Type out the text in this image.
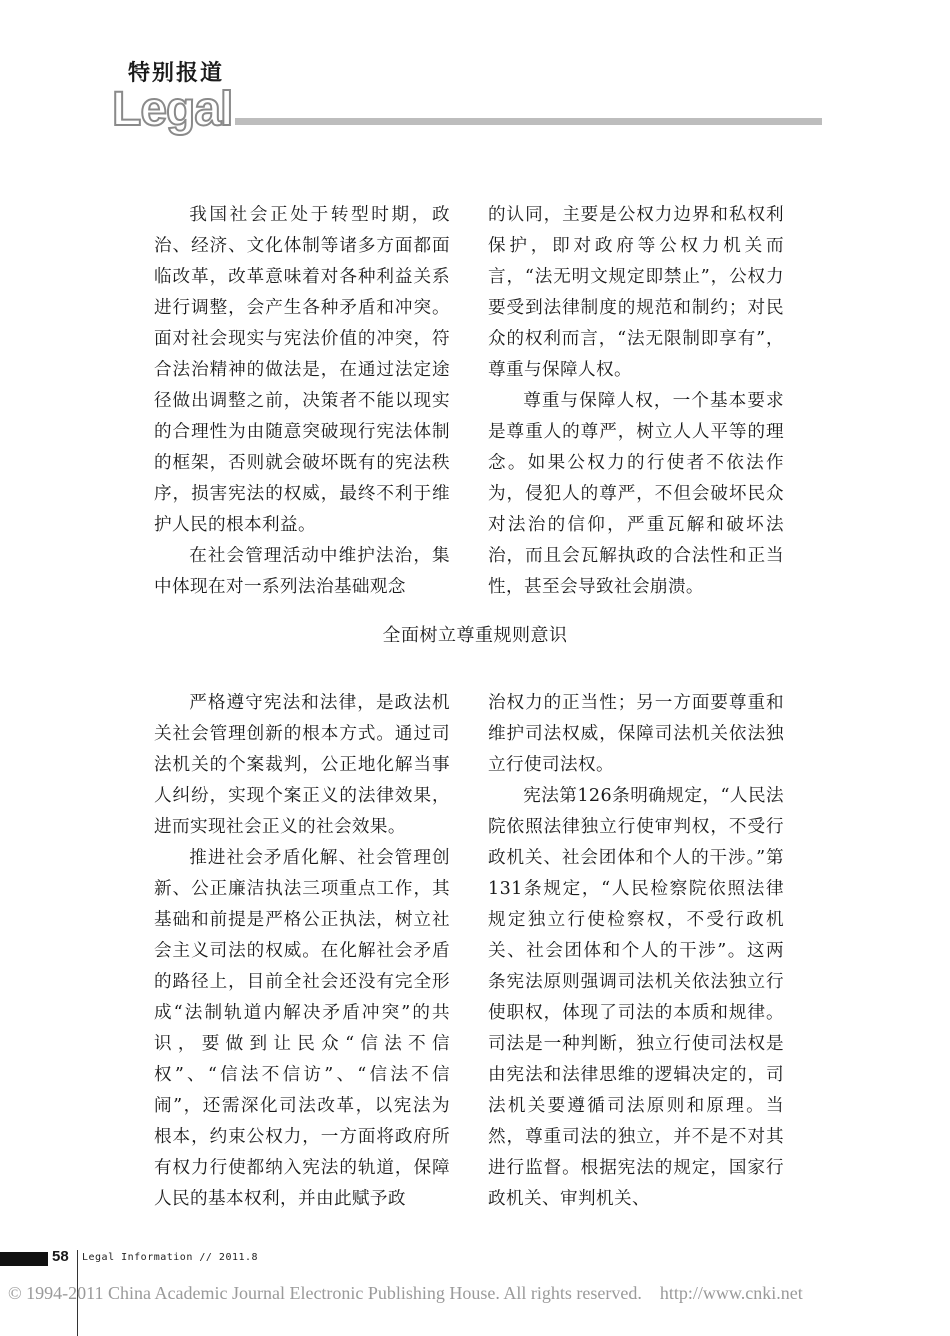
特别报道
Legal

我国社会正处于转型时期，政治、经济、文化体制等诸多方面都面临改革，改革意味着对各种利益关系进行调整，会产生各种矛盾和冲突。面对社会现实与宪法价值的冲突，符合法治精神的做法是，在通过法定途径做出调整之前，决策者不能以现实的合理性为由随意突破现行宪法体制的框架，否则就会破坏既有的宪法秩序，损害宪法的权威，最终不利于维护人民的根本利益。

在社会管理活动中维护法治，集中体现在对一系列法治基础观念

的认同，主要是公权力边界和私权利保护，即对政府等公权力机关而言，“法无明文规定即禁止”，公权力要受到法律制度的规范和制约；对民众的权利而言，“法无限制即享有”，尊重与保障人权。

尊重与保障人权，一个基本要求是尊重人的尊严，树立人人平等的理念。如果公权力的行使者不依法作为，侵犯人的尊严，不但会破坏民众对法治的信仰，严重瓦解和破坏法治，而且会瓦解执政的合法性和正当性，甚至会导致社会崩溃。

全面树立尊重规则意识

严格遵守宪法和法律，是政法机关社会管理创新的根本方式。通过司法机关的个案裁判，公正地化解当事人纠纷，实现个案正义的法律效果，进而实现社会正义的社会效果。

推进社会矛盾化解、社会管理创新、公正廉洁执法三项重点工作，其基础和前提是严格公正执法，树立社会主义司法的权威。在化解社会矛盾的路径上，目前全社会还没有完全形成“法制轨道内解决矛盾冲突”的共识，要做到让民众“信法不信权”、“信法不信访”、“信法不信闹”，还需深化司法改革，以宪法为根本，约束公权力，一方面将政府所有权力行使都纳入宪法的轨道，保障人民的基本权利，并由此赋予政

治权力的正当性；另一方面要尊重和维护司法权威，保障司法机关依法独立行使司法权。

宪法第126条明确规定，“人民法院依照法律独立行使审判权，不受行政机关、社会团体和个人的干涉。”第131条规定，“人民检察院依照法律规定独立行使检察权，不受行政机关、社会团体和个人的干涉”。这两条宪法原则强调司法机关依法独立行使职权，体现了司法的本质和规律。司法是一种判断，独立行使司法权是由宪法和法律思维的逻辑决定的，司法机关要遵循司法原则和原理。当然，尊重司法的独立，并不是不对其进行监督。根据宪法的规定，国家行政机关、审判机关、

58 Legal Information // 2011.8
© 1994-2011 China Academic Journal Electronic Publishing House. All rights reserved.    http://www.cnki.net
